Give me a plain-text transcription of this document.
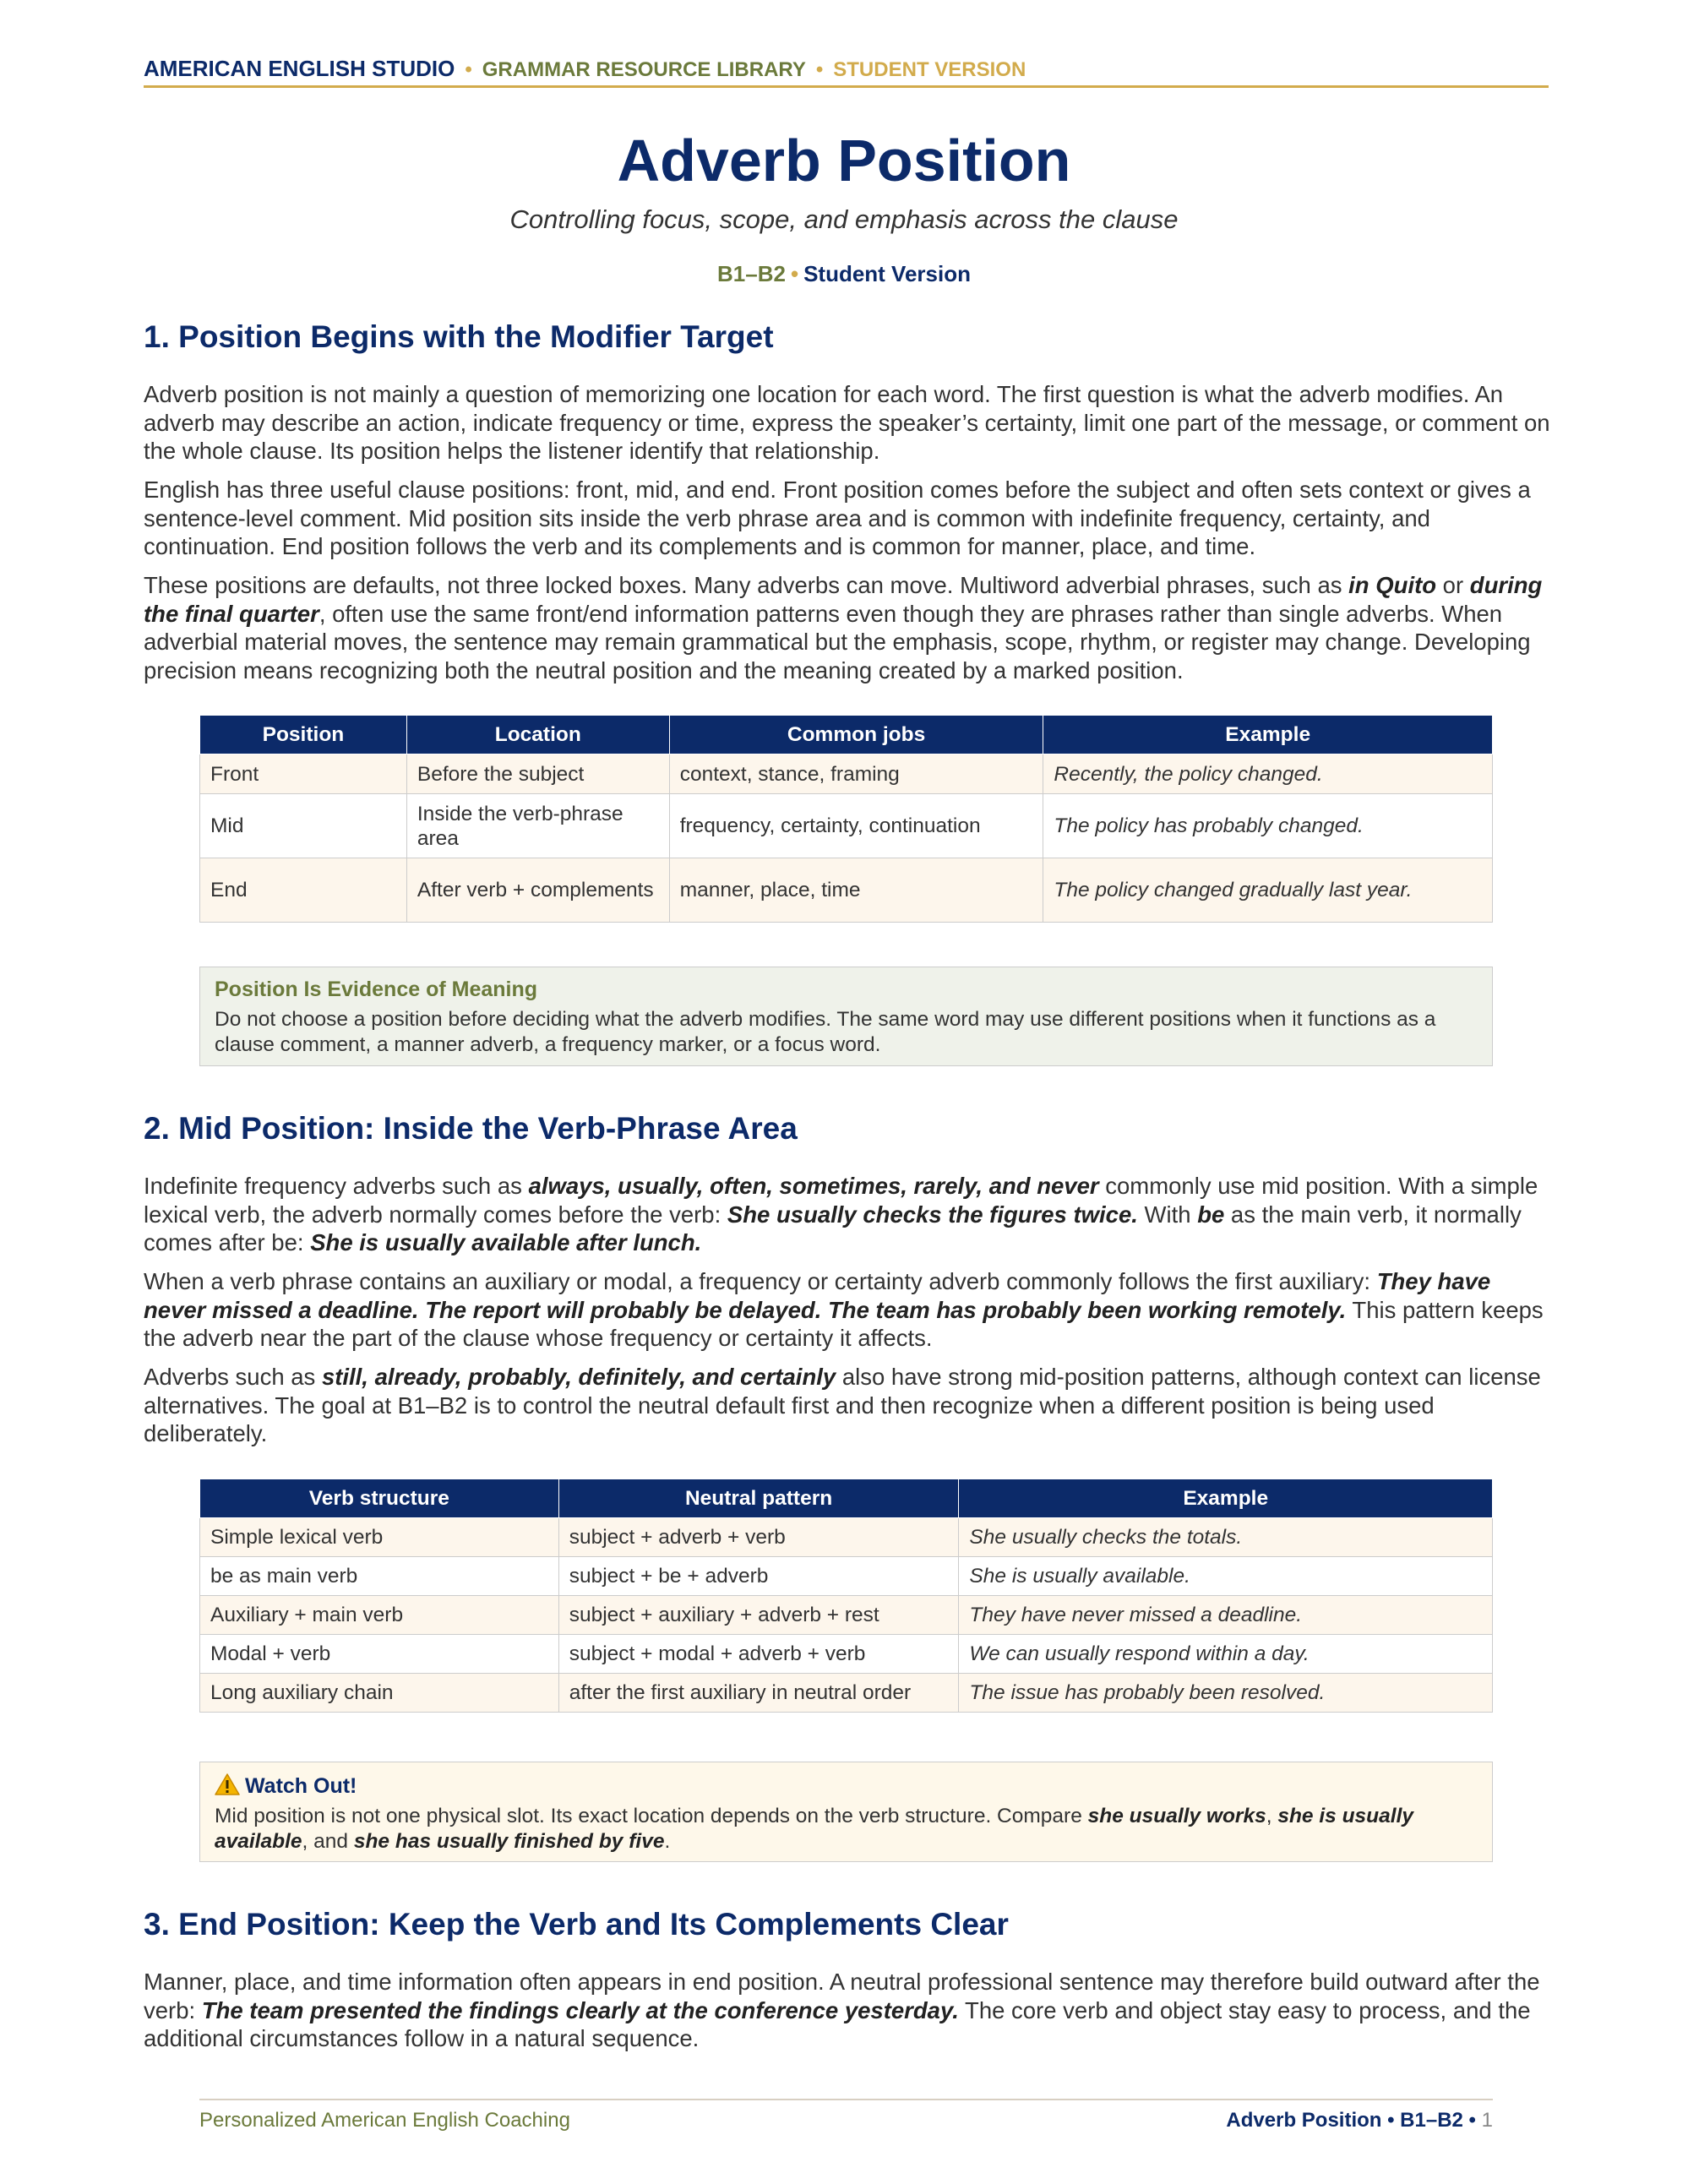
AMERICAN ENGLISH STUDIO • GRAMMAR RESOURCE LIBRARY • STUDENT VERSION
Adverb Position
Controlling focus, scope, and emphasis across the clause
B1–B2 • Student Version
1. Position Begins with the Modifier Target
Adverb position is not mainly a question of memorizing one location for each word. The first question is what the adverb modifies. An adverb may describe an action, indicate frequency or time, express the speaker’s certainty, limit one part of the message, or comment on the whole clause. Its position helps the listener identify that relationship.
English has three useful clause positions: front, mid, and end. Front position comes before the subject and often sets context or gives a sentence-level comment. Mid position sits inside the verb phrase area and is common with indefinite frequency, certainty, and continuation. End position follows the verb and its complements and is common for manner, place, and time.
These positions are defaults, not three locked boxes. Many adverbs can move. Multiword adverbial phrases, such as in Quito or during the final quarter, often use the same front/end information patterns even though they are phrases rather than single adverbs. When adverbial material moves, the sentence may remain grammatical but the emphasis, scope, rhythm, or register may change. Developing precision means recognizing both the neutral position and the meaning created by a marked position.
Position	Location	Common jobs	Example
Front	Before the subject	context, stance, framing	Recently, the policy changed.
Mid	Inside the verb-phrase area	frequency, certainty, continuation	The policy has probably changed.
End	After verb + complements	manner, place, time	The policy changed gradually last year.
Position Is Evidence of Meaning
Do not choose a position before deciding what the adverb modifies. The same word may use different positions when it functions as a clause comment, a manner adverb, a frequency marker, or a focus word.
2. Mid Position: Inside the Verb-Phrase Area
Indefinite frequency adverbs such as always, usually, often, sometimes, rarely, and never commonly use mid position. With a simple lexical verb, the adverb normally comes before the verb: She usually checks the figures twice. With be as the main verb, it normally comes after be: She is usually available after lunch.
When a verb phrase contains an auxiliary or modal, a frequency or certainty adverb commonly follows the first auxiliary: They have never missed a deadline. The report will probably be delayed. The team has probably been working remotely. This pattern keeps the adverb near the part of the clause whose frequency or certainty it affects.
Adverbs such as still, already, probably, definitely, and certainly also have strong mid-position patterns, although context can license alternatives. The goal at B1–B2 is to control the neutral default first and then recognize when a different position is being used deliberately.
Verb structure	Neutral pattern	Example
Simple lexical verb	subject + adverb + verb	She usually checks the totals.
be as main verb	subject + be + adverb	She is usually available.
Auxiliary + main verb	subject + auxiliary + adverb + rest	They have never missed a deadline.
Modal + verb	subject + modal + adverb + verb	We can usually respond within a day.
Long auxiliary chain	after the first auxiliary in neutral order	The issue has probably been resolved.
Watch Out!
Mid position is not one physical slot. Its exact location depends on the verb structure. Compare she usually works, she is usually available, and she has usually finished by five.
3. End Position: Keep the Verb and Its Complements Clear
Manner, place, and time information often appears in end position. A neutral professional sentence may therefore build outward after the verb: The team presented the findings clearly at the conference yesterday. The core verb and object stay easy to process, and the additional circumstances follow in a natural sequence.
Personalized American English Coaching	Adverb Position • B1–B2 • 1
